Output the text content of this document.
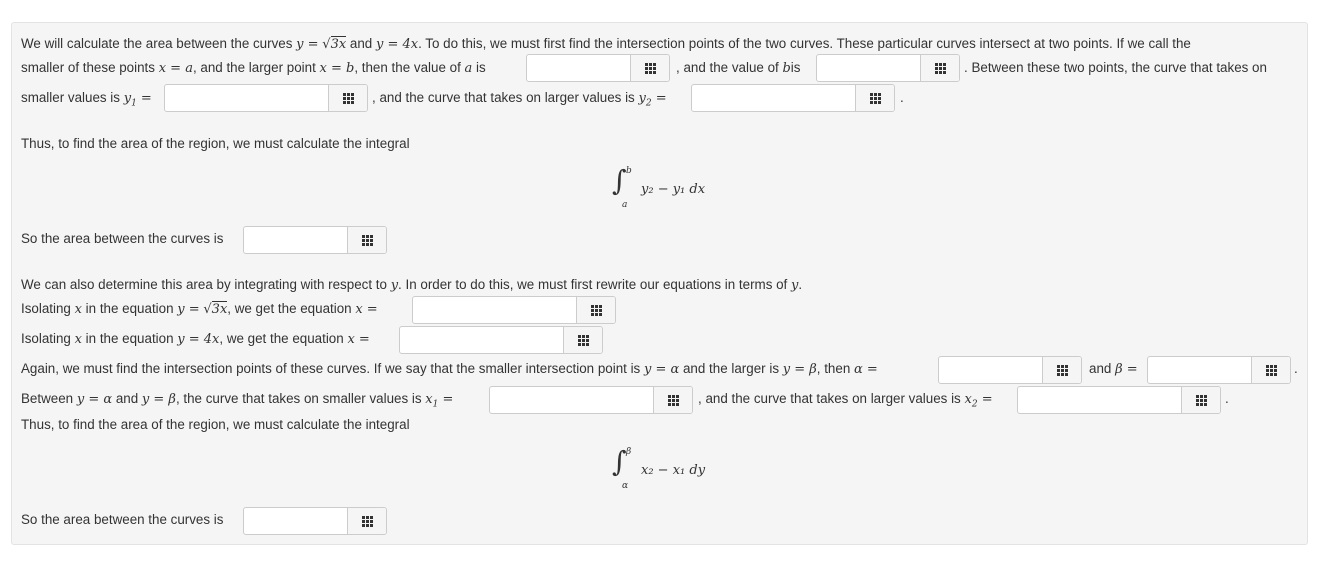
We will calculate the area between the curves y = √3x and y = 4x. To do this, we must first find the intersection points of the two curves. These particular curves intersect at two points. If we call the
smaller of these points x = a, and the larger point x = b, then the value of a is	, and the value of bis	. Between these two points, the curve that takes on
smaller values is $y_1$ =	, and the curve that takes on larger values is $y_2$ =	.
Thus, to find the area of the region, we must calculate the integral
∫ b
a
y₂ − y₁ dx
So the area between the curves is
We can also determine this area by integrating with respect to y. In order to do this, we must first rewrite our equations in terms of y.
Isolating x in the equation y = √3x, we get the equation x =
Isolating x in the equation y = 4x, we get the equation x =
Again, we must find the intersection points of these curves. If we say that the smaller intersection point is y = α and the larger is y = β, then α =	and β =	.
Between y = α and y = β, the curve that takes on smaller values is $x_1$ =	, and the curve that takes on larger values is $x_2$ =	.
Thus, to find the area of the region, we must calculate the integral
∫ β
α
x₂ − x₁ dy
So the area between the curves is
